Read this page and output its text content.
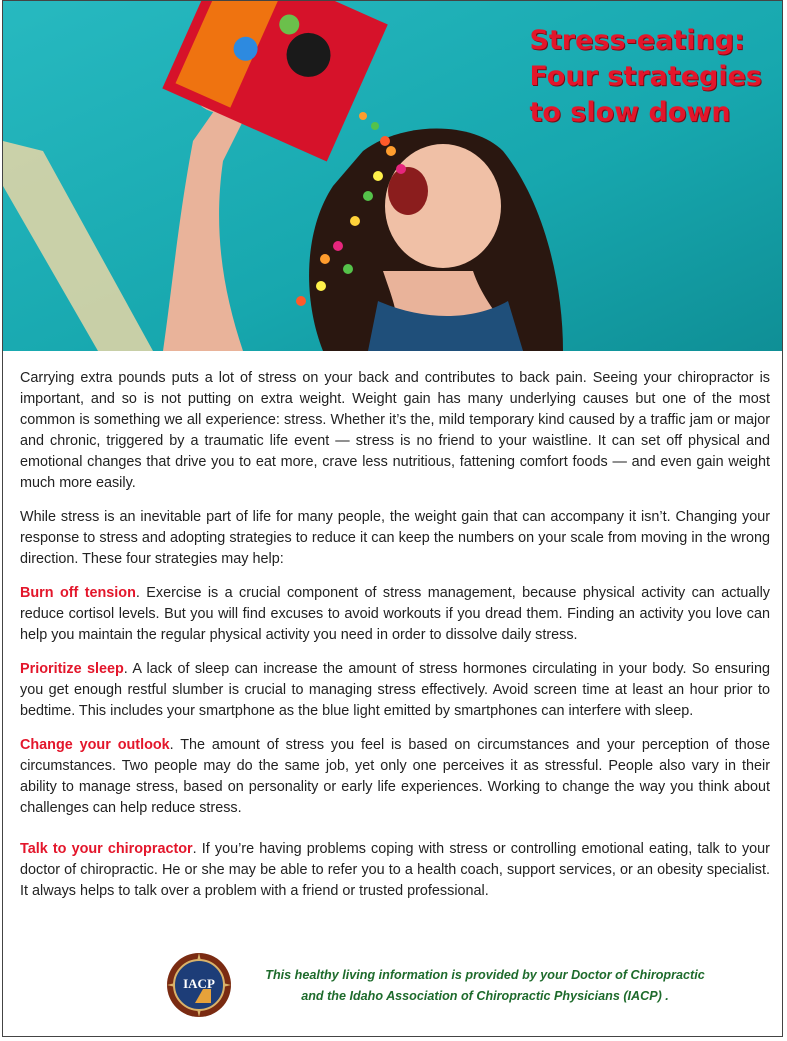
Stress-eating:
Four strategies
to slow down

Carrying extra pounds puts a lot of stress on your back and contributes to back pain. Seeing your chiropractor is important, and so is not putting on extra weight. Weight gain has many underlying causes but one of the most common is something we all experience: stress. Whether it’s the, mild temporary kind caused by a traffic jam or major and chronic, triggered by a traumatic life event — stress is no friend to your waistline. It can set off physical and emotional changes that drive you to eat more, crave less nutritious, fattening comfort foods — and even gain weight much more easily.

While stress is an inevitable part of life for many people, the weight gain that can accompany it isn’t. Changing your response to stress and adopting strategies to reduce it can keep the numbers on your scale from moving in the wrong direction. These four strategies may help:

Burn off tension. Exercise is a crucial component of stress management, because physical activity can actually reduce cortisol levels. But you will find excuses to avoid workouts if you dread them. Finding an activity you love can help you maintain the regular physical activity you need in order to dissolve daily stress.

Prioritize sleep. A lack of sleep can increase the amount of stress hormones circulating in your body. So ensuring you get enough restful slumber is crucial to managing stress effectively. Avoid screen time at least an hour prior to bedtime. This includes your smartphone as the blue light emitted by smartphones can interfere with sleep.

Change your outlook. The amount of stress you feel is based on circumstances and your perception of those circumstances. Two people may do the same job, yet only one perceives it as stressful. People also vary in their ability to manage stress, based on personality or early life experiences. Working to change the way you think about challenges can help reduce stress.

Talk to your chiropractor. If you’re having problems coping with stress or controlling emotional eating, talk to your doctor of chiropractic. He or she may be able to refer you to a health coach, support services, or an obesity specialist. It always helps to talk over a problem with a friend or trusted professional.

IACP
This healthy living information is provided by your Doctor of Chiropractic
and the Idaho Association of Chiropractic Physicians (IACP) .
